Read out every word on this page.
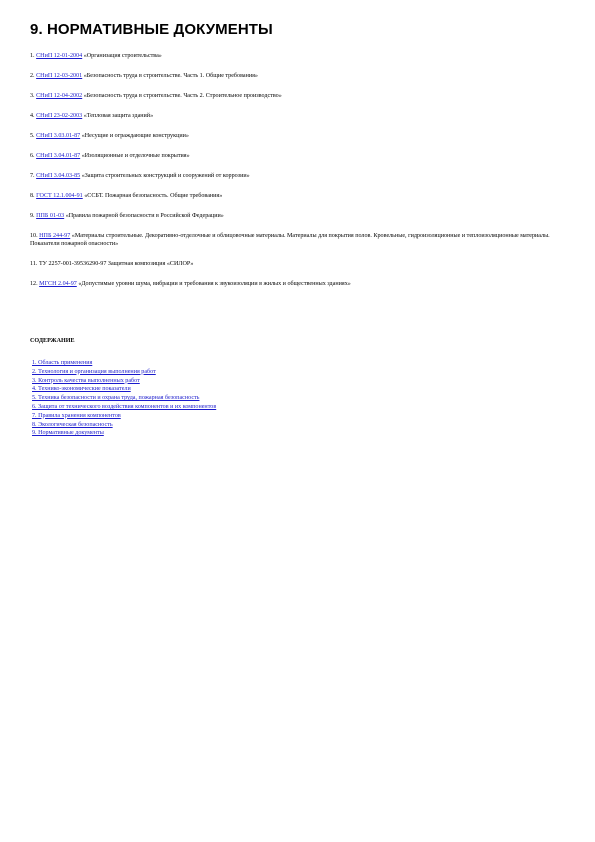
9. НОРМАТИВНЫЕ ДОКУМЕНТЫ
1. СНиП 12-01-2004 «Организация строительства»
2. СНиП 12-03-2001 «Безопасность труда в строительстве. Часть 1. Общие требования»
3. СНиП 12-04-2002 «Безопасность труда в строительстве. Часть 2. Строительное производство»
4. СНиП 23-02-2003 «Тепловая защита зданий»
5. СНиП 3.03.01-87 «Несущие и ограждающие конструкции»
6. СНиП 3.04.01-87 «Изоляционные и отделочные покрытия»
7. СНиП 3.04.03-85 «Защита строительных конструкций и сооружений от коррозии»
8. ГОСТ 12.1.004-91 «ССБТ. Пожарная безопасность. Общие требования»
9. ППБ 01-03 «Правила пожарной безопасности в Российской Федерации»
10. НПБ 244-97 «Материалы строительные. Декоративно-отделочные и облицовочные материалы. Материалы для покрытия полов. Кровельные, гидроизоляционные и теплоизоляционные материалы. Показатели пожарной опасности»
11. ТУ 2257-001-39536290-97 Защитная композиция «СИЛОР»
12. МГСН 2.04-97 «Допустимые уровни шума, вибрации и требования к звукоизоляции в жилых и общественных зданиях»

СОДЕРЖАНИЕ

1. Область применения
2. Технология и организация выполнения работ
3. Контроль качества выполненных работ
4. Технико-экономические показатели
5. Техника безопасности и охрана труда, пожарная безопасность
6. Защита от технического воздействия компонентов и их компонентов
7. Правила хранения компонентов
8. Экологическая безопасность
9. Нормативные документы
